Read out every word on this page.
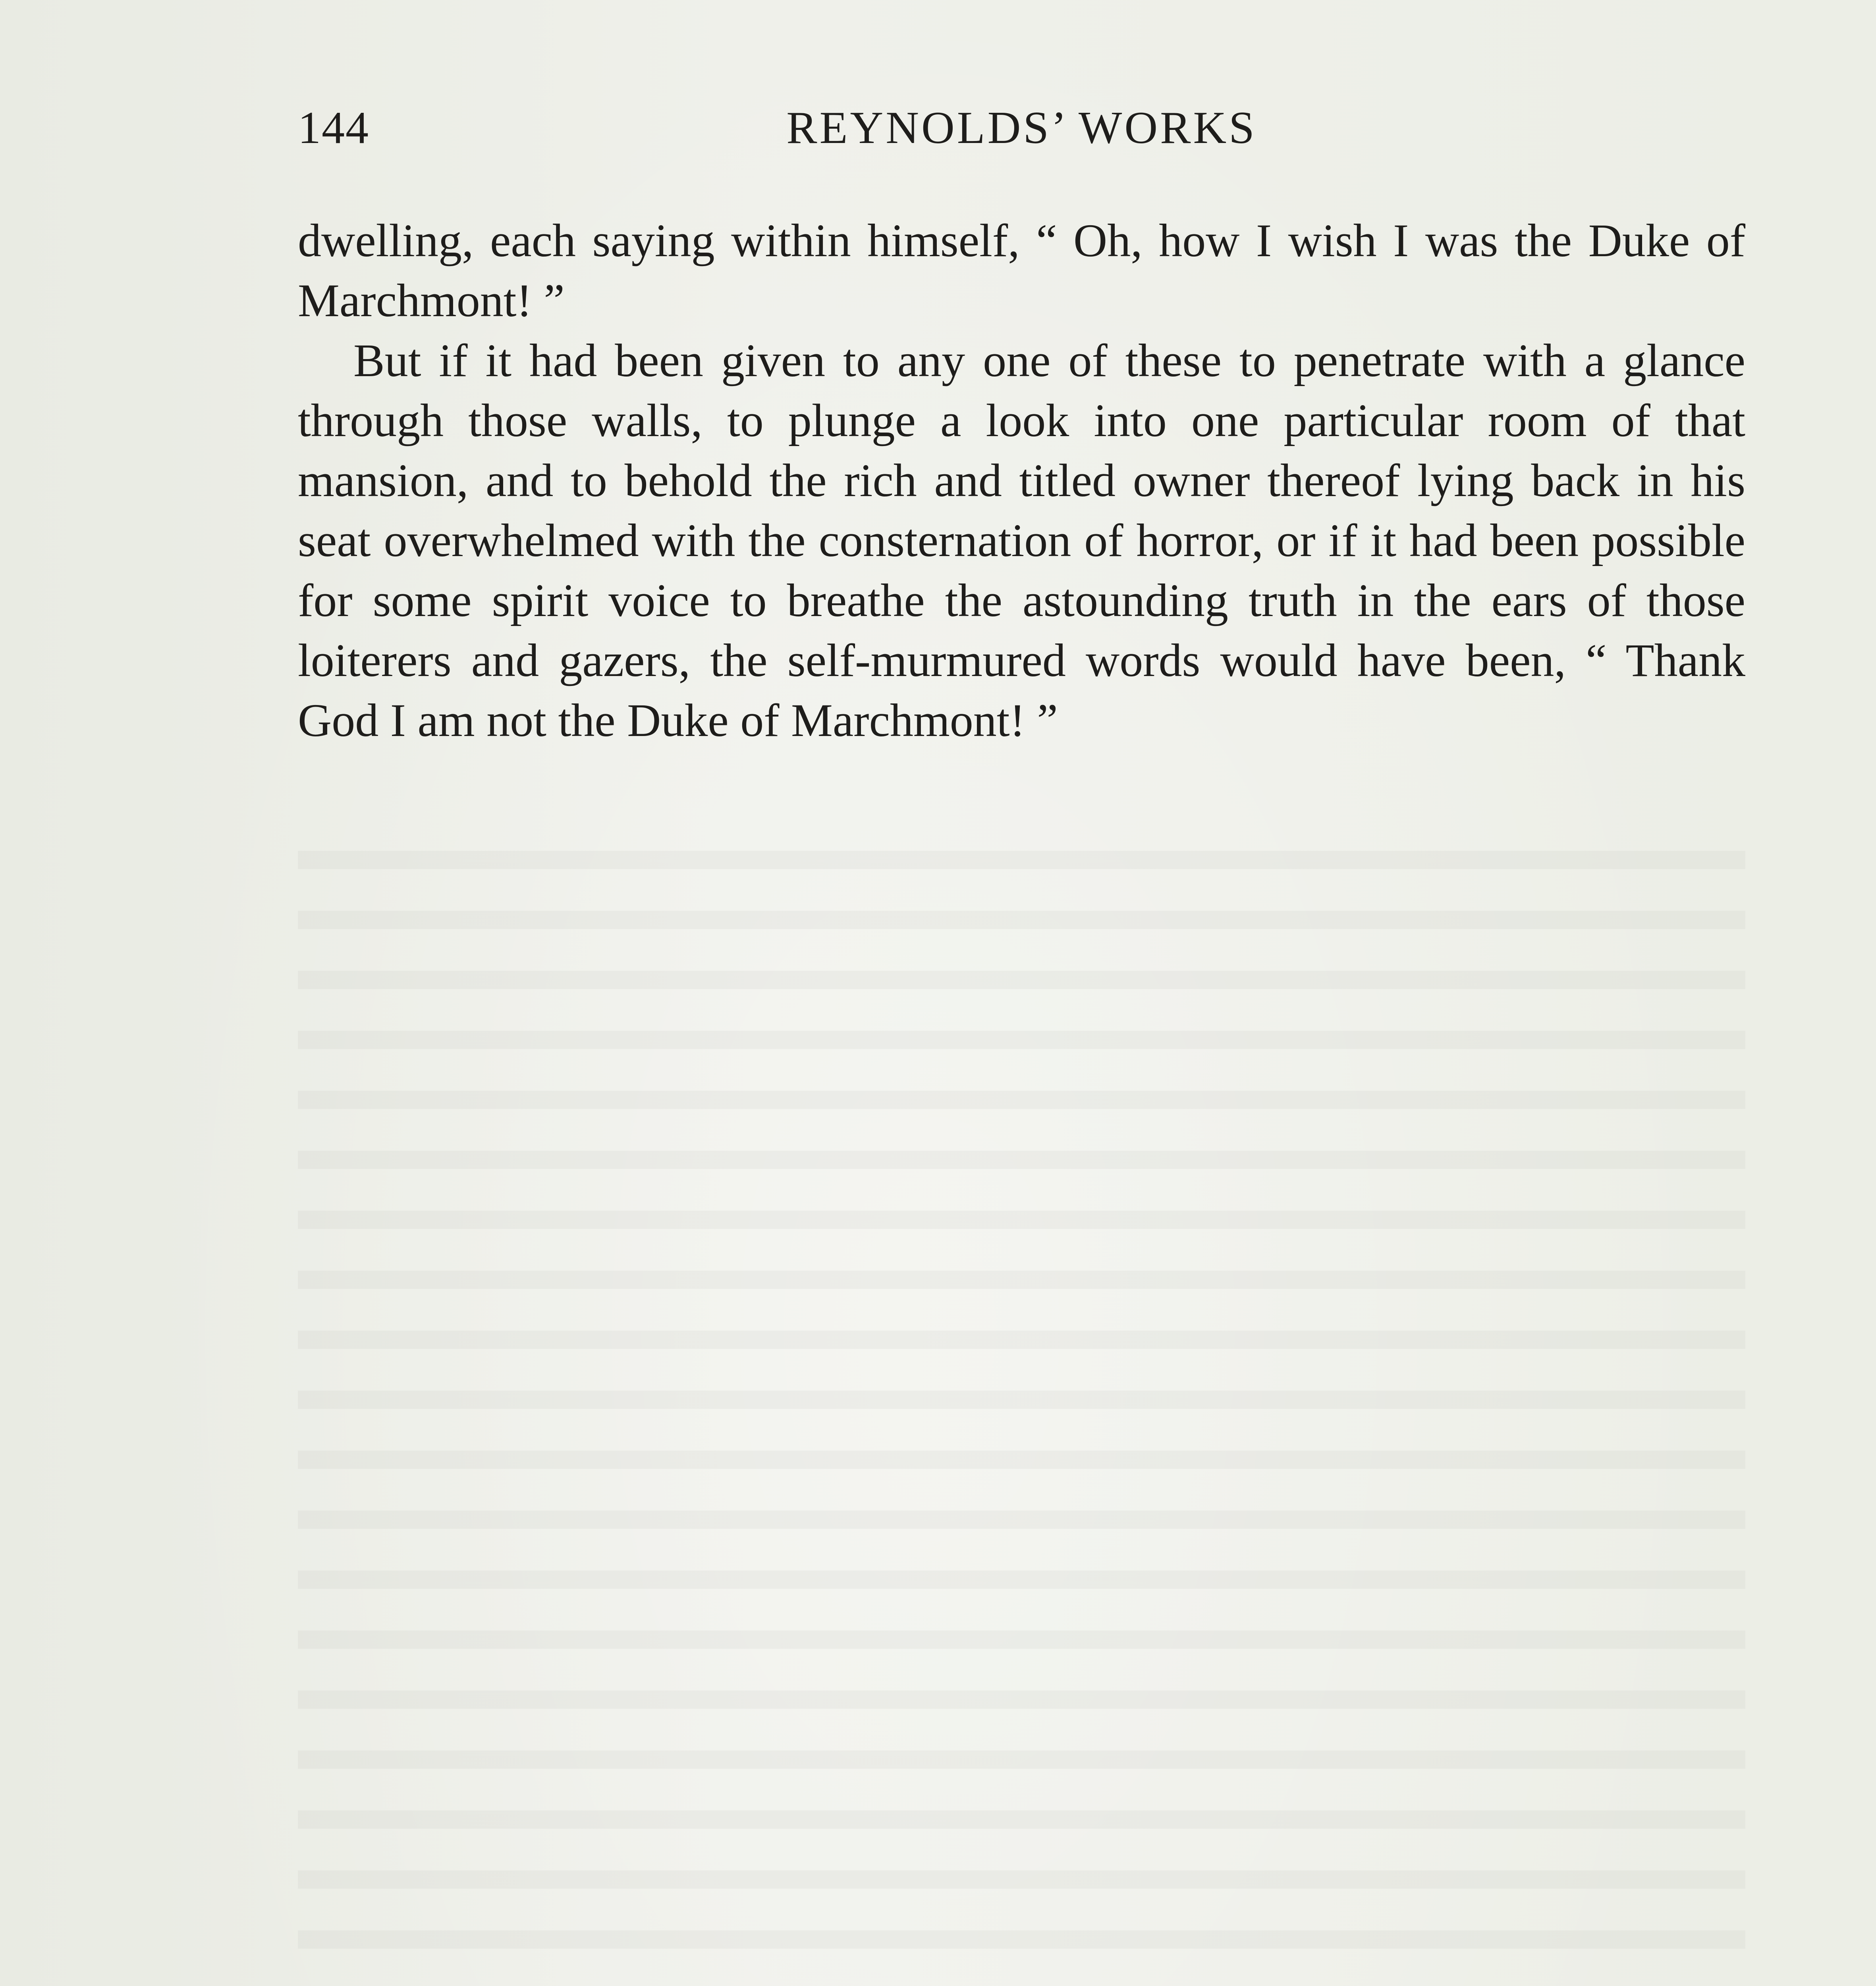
144	REYNOLDS’ WORKS

dwelling, each saying within himself, “ Oh, how I wish I was the Duke of Marchmont! ”

But if it had been given to any one of these to penetrate with a glance through those walls, to plunge a look into one particular room of that mansion, and to behold the rich and titled owner thereof lying back in his seat overwhelmed with the consternation of horror, or if it had been possible for some spirit voice to breathe the astounding truth in the ears of those loiterers and gazers, the self-murmured words would have been, “ Thank God I am not the Duke of Marchmont! ”
